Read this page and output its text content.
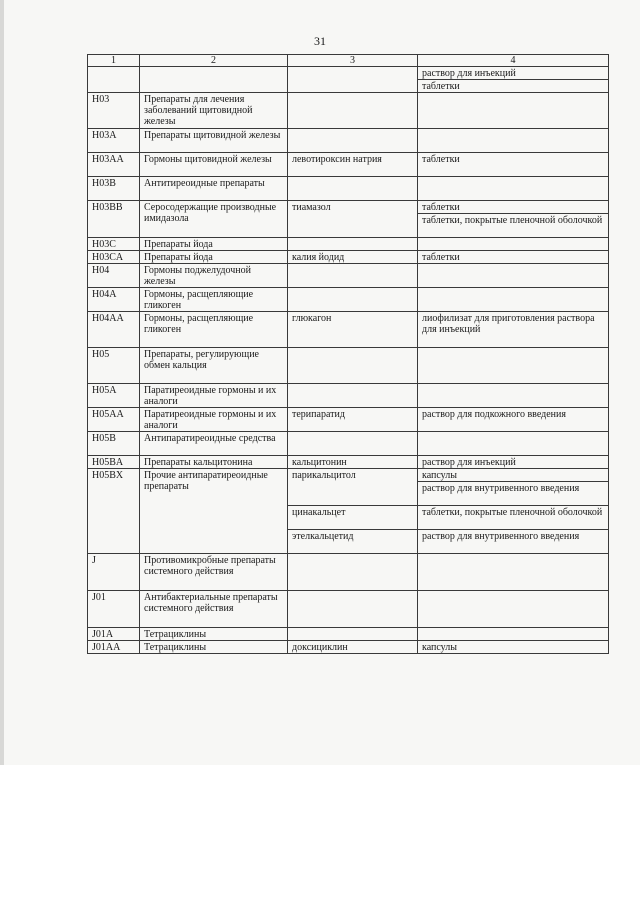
31
1	2	3	4
			раствор для инъекций
			таблетки
H03	Препараты для лечения заболеваний щитовидной железы		
H03A	Препараты щитовидной железы		
H03AA	Гормоны щитовидной железы	левотироксин натрия	таблетки
H03B	Антитиреоидные препараты		
H03BB	Серосодержащие производные имидазола	тиамазол	таблетки
			таблетки, покрытые пленочной оболочкой
H03C	Препараты йода		
H03CA	Препараты йода	калия йодид	таблетки
H04	Гормоны поджелудочной железы		
H04A	Гормоны, расщепляющие гликоген		
H04AA	Гормоны, расщепляющие гликоген	глюкагон	лиофилизат для приготовления раствора для инъекций
H05	Препараты, регулирующие обмен кальция		
H05A	Паратиреоидные гормоны и их аналоги		
H05AA	Паратиреоидные гормоны и их аналоги	терипаратид	раствор для подкожного введения
H05B	Антипаратиреоидные средства		
H05BA	Препараты кальцитонина	кальцитонин	раствор для инъекций
H05BX	Прочие антипаратиреоидные препараты	парикальцитол	капсулы
			раствор для внутривенного введения
		цинакальцет	таблетки, покрытые пленочной оболочкой
		этелкальцетид	раствор для внутривенного введения
J	Противомикробные препараты системного действия		
J01	Антибактериальные препараты системного действия		
J01A	Тетрациклины		
J01AA	Тетрациклины	доксициклин	капсулы
